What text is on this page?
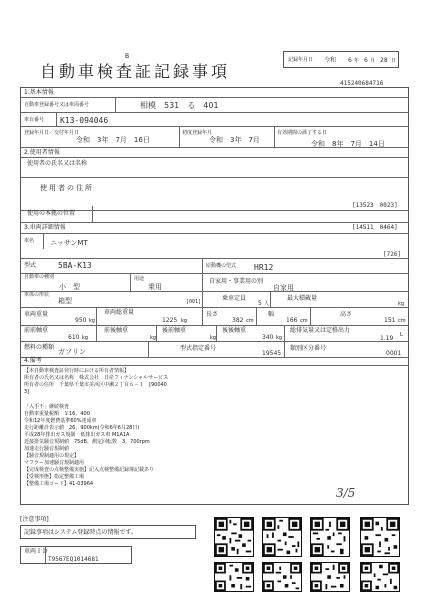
B	記録年月日 令和 6 年 6 月 28 日
自動車検査証記録事項
415240684716
1.基本情報
自動車登録番号又は車両番号	相模　531　る　401
車台番号 K13-094046
登録年月日／交付年月日
令和　3年　7月　16日
初度登録年月
令和　3年　7月
有効期間の満了する日
令和　8年　7月　14日
2.使用者情報
使用者の氏名又は名称
使用者の住所
[13523　0023]
使用の本拠の位置
3.車両詳細情報	[14511　0464]
車名 ニッサンMT
[726]
型式	5BA-K13	原動機の型式 HR12
自動車の種別
小　型
用途
乗用
自家用・事業用の別
自家用
車体の形状
箱型	[001]	乗車定員
5 人
最大積載量
kg
車両重量
950 kg
車両総重量
1225 kg
長さ
382 cm
幅
166 cm
高さ
151 cm
前前軸重
610 kg
前後軸重
kg
後前軸重
kg
後後軸重
340 kg
総排気量又は定格出力
1.19 L
燃料の種類
ガソリン	型式指定番号
19545
類別区分番号
0001
4.備考
【本自動車検査証発行時における所有者情報】
所有者の氏名又は名称　株式会社　日産フィナンシャルサービス
所有者の住所　千葉県千葉市美浜区中瀬２丁目６－１　[90040
3]
「入手不」継続検査
自動車重量税額　￥16，400
令和12年度燃費基準60%達成車
走行距離計表示値　26，900km(令和6年6月28日)
平成28年排出ガス規制　低排出ガス車 M1A1A
近接排気騒音規制値　75dB，測定回転数　3，700rpm
加速走行騒音規制値
【騒音規制適用の規定】
マフラー加速騒音規制適用
【完成検査の点検整備実施】記入点検整備記録簿記載あり
【受検形態】指定整備工場
【整備工場コード】41-03964
3/5
[注意事項]
記録事項はシステム登録時点の情報です。
車両ＩＤ
T9567EQ1014681
